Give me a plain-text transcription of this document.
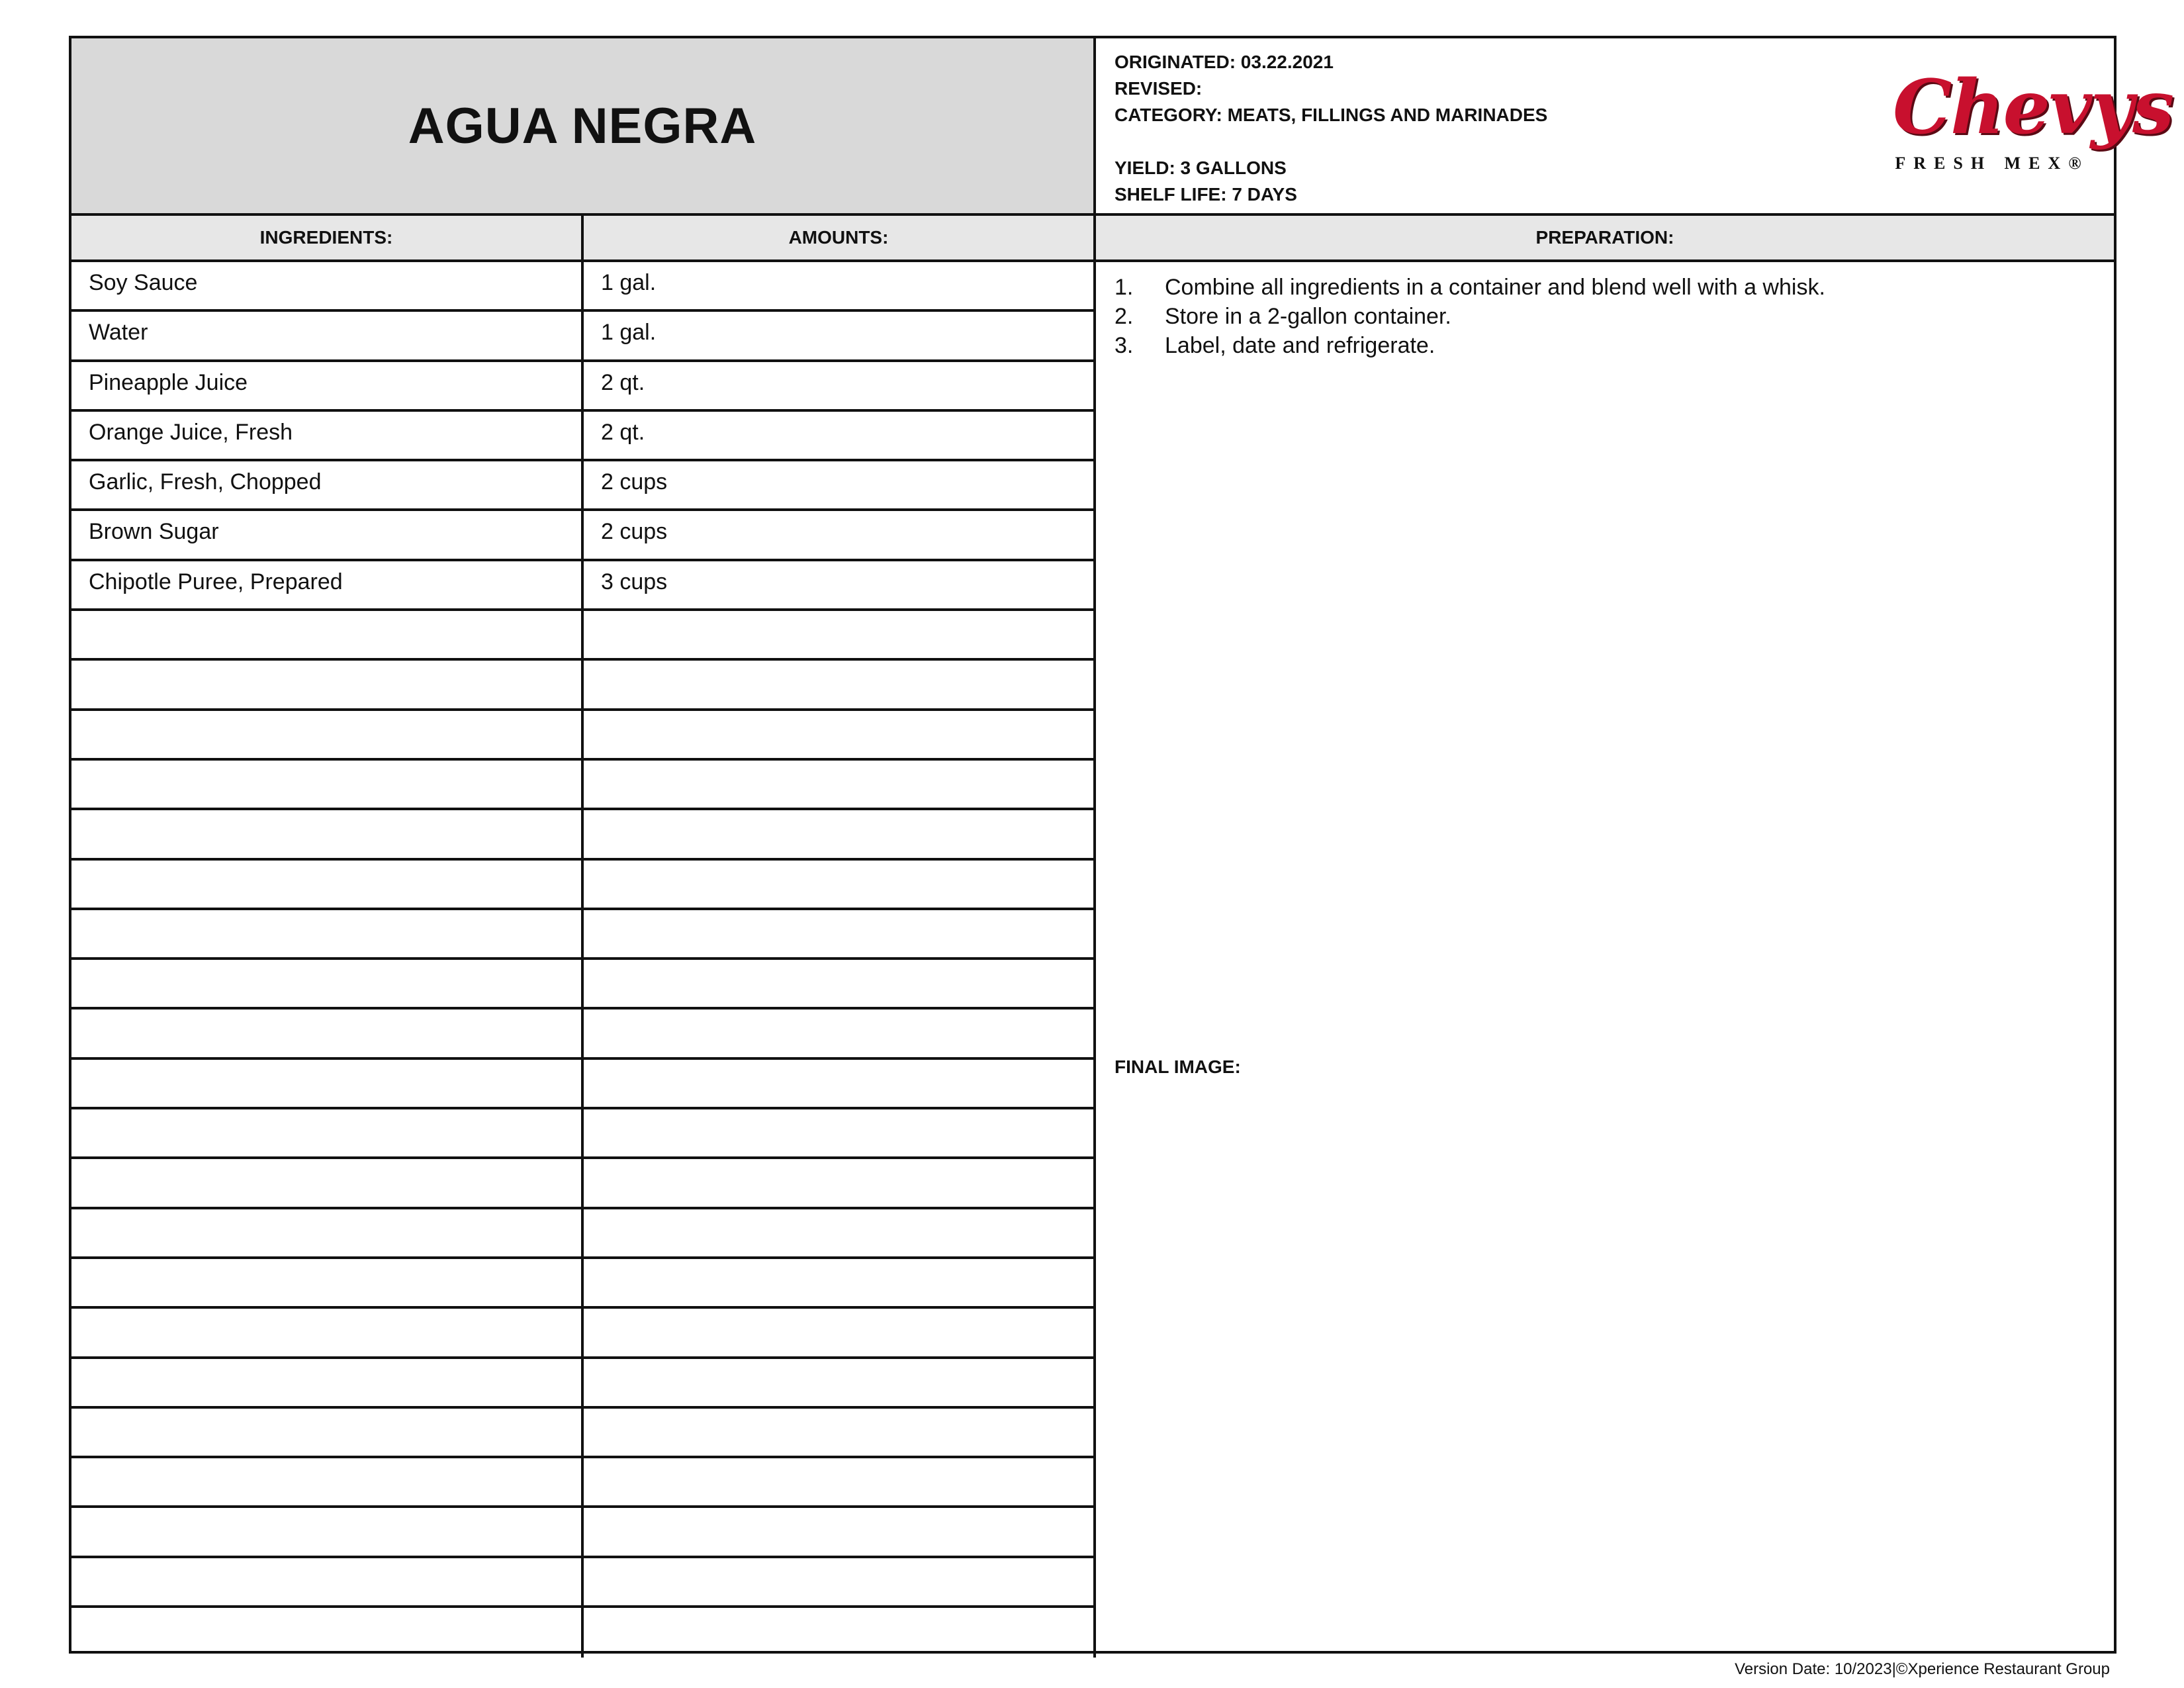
AGUA NEGRA
ORIGINATED: 03.22.2021
REVISED:
CATEGORY: MEATS, FILLINGS AND MARINADES
YIELD: 3 GALLONS
SHELF LIFE: 7 DAYS
Chevys
FRESH MEX®
INGREDIENTS:	AMOUNTS:	PREPARATION:
Soy Sauce	1 gal.
Water	1 gal.
Pineapple Juice	2 qt.
Orange Juice, Fresh	2 qt.
Garlic, Fresh, Chopped	2 cups
Brown Sugar	2 cups
Chipotle Puree, Prepared	3 cups
1. Combine all ingredients in a container and blend well with a whisk.
2. Store in a 2-gallon container.
3. Label, date and refrigerate.
FINAL IMAGE:
Version Date: 10/2023|©Xperience Restaurant Group
